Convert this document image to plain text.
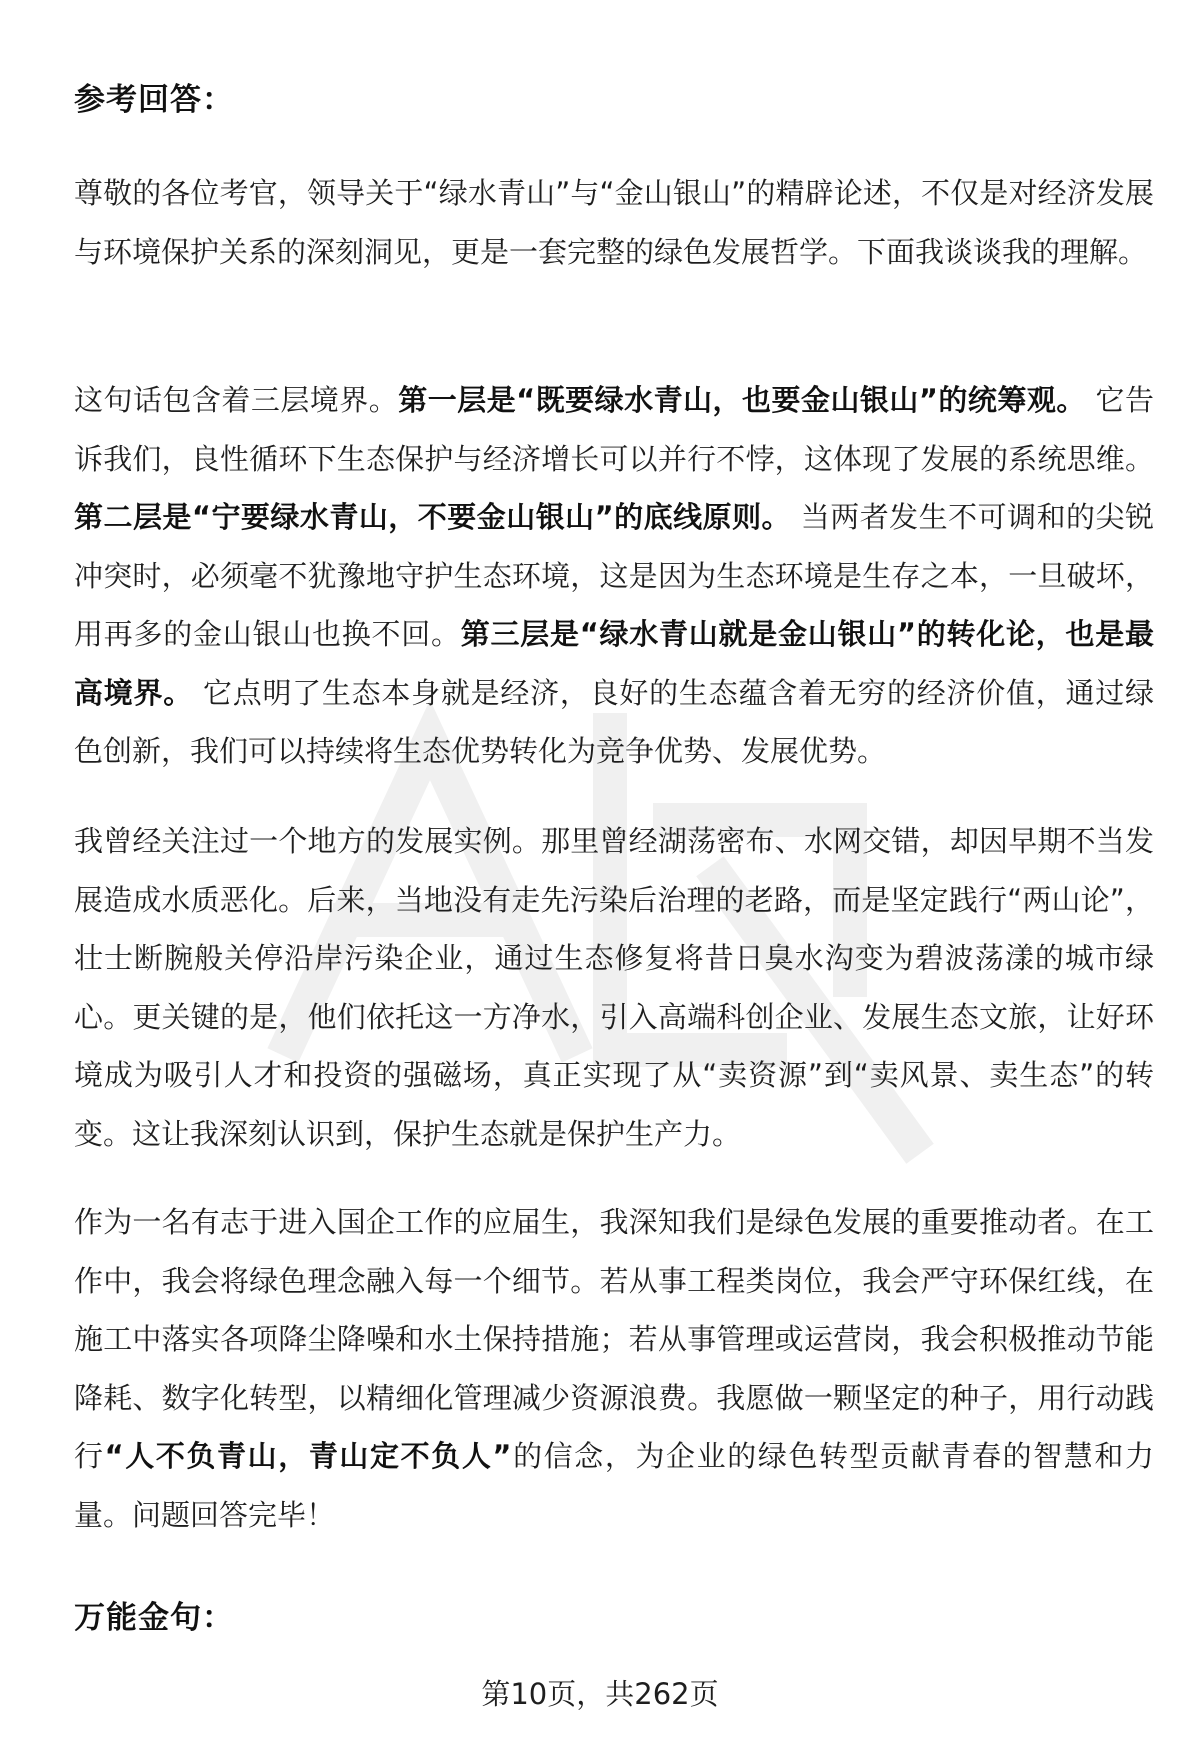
参考回答：

尊敬的各位考官，领导关于“绿水青山”与“金山银山”的精辟论述，不仅是对经济发展与环境保护关系的深刻洞见，更是一套完整的绿色发展哲学。下面我谈谈我的理解。

这句话包含着三层境界。第一层是“既要绿水青山，也要金山银山”的统筹观。 它告诉我们，良性循环下生态保护与经济增长可以并行不悖，这体现了发展的系统思维。第二层是“宁要绿水青山，不要金山银山”的底线原则。 当两者发生不可调和的尖锐冲突时，必须毫不犹豫地守护生态环境，这是因为生态环境是生存之本，一旦破坏，用再多的金山银山也换不回。第三层是“绿水青山就是金山银山”的转化论，也是最高境界。 它点明了生态本身就是经济，良好的生态蕴含着无穷的经济价值，通过绿色创新，我们可以持续将生态优势转化为竞争优势、发展优势。

我曾经关注过一个地方的发展实例。那里曾经湖荡密布、水网交错，却因早期不当发展造成水质恶化。后来，当地没有走先污染后治理的老路，而是坚定践行“两山论”，壮士断腕般关停沿岸污染企业，通过生态修复将昔日臭水沟变为碧波荡漾的城市绿心。更关键的是，他们依托这一方净水，引入高端科创企业、发展生态文旅，让好环境成为吸引人才和投资的强磁场，真正实现了从“卖资源”到“卖风景、卖生态”的转变。这让我深刻认识到，保护生态就是保护生产力。

作为一名有志于进入国企工作的应届生，我深知我们是绿色发展的重要推动者。在工作中，我会将绿色理念融入每一个细节。若从事工程类岗位，我会严守环保红线，在施工中落实各项降尘降噪和水土保持措施；若从事管理或运营岗，我会积极推动节能降耗、数字化转型，以精细化管理减少资源浪费。我愿做一颗坚定的种子，用行动践行“人不负青山，青山定不负人”的信念，为企业的绿色转型贡献青春的智慧和力量。问题回答完毕！

万能金句：
第10页，共262页
